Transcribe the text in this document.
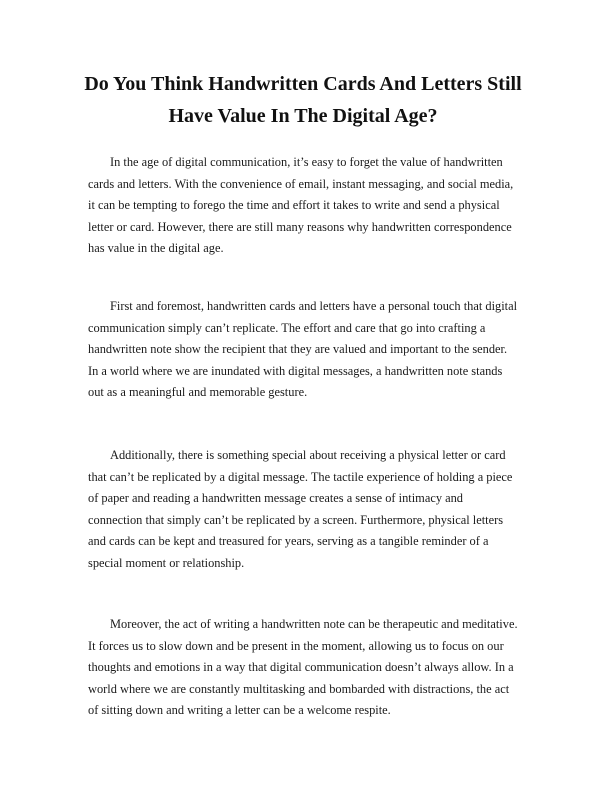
Do You Think Handwritten Cards And Letters Still Have Value In The Digital Age?

In the age of digital communication, it’s easy to forget the value of handwritten cards and letters. With the convenience of email, instant messaging, and social media, it can be tempting to forego the time and effort it takes to write and send a physical letter or card. However, there are still many reasons why handwritten correspondence has value in the digital age.

First and foremost, handwritten cards and letters have a personal touch that digital communication simply can’t replicate. The effort and care that go into crafting a handwritten note show the recipient that they are valued and important to the sender. In a world where we are inundated with digital messages, a handwritten note stands out as a meaningful and memorable gesture.

Additionally, there is something special about receiving a physical letter or card that can’t be replicated by a digital message. The tactile experience of holding a piece of paper and reading a handwritten message creates a sense of intimacy and connection that simply can’t be replicated by a screen. Furthermore, physical letters and cards can be kept and treasured for years, serving as a tangible reminder of a special moment or relationship.

Moreover, the act of writing a handwritten note can be therapeutic and meditative. It forces us to slow down and be present in the moment, allowing us to focus on our thoughts and emotions in a way that digital communication doesn’t always allow. In a world where we are constantly multitasking and bombarded with distractions, the act of sitting down and writing a letter can be a welcome respite.
